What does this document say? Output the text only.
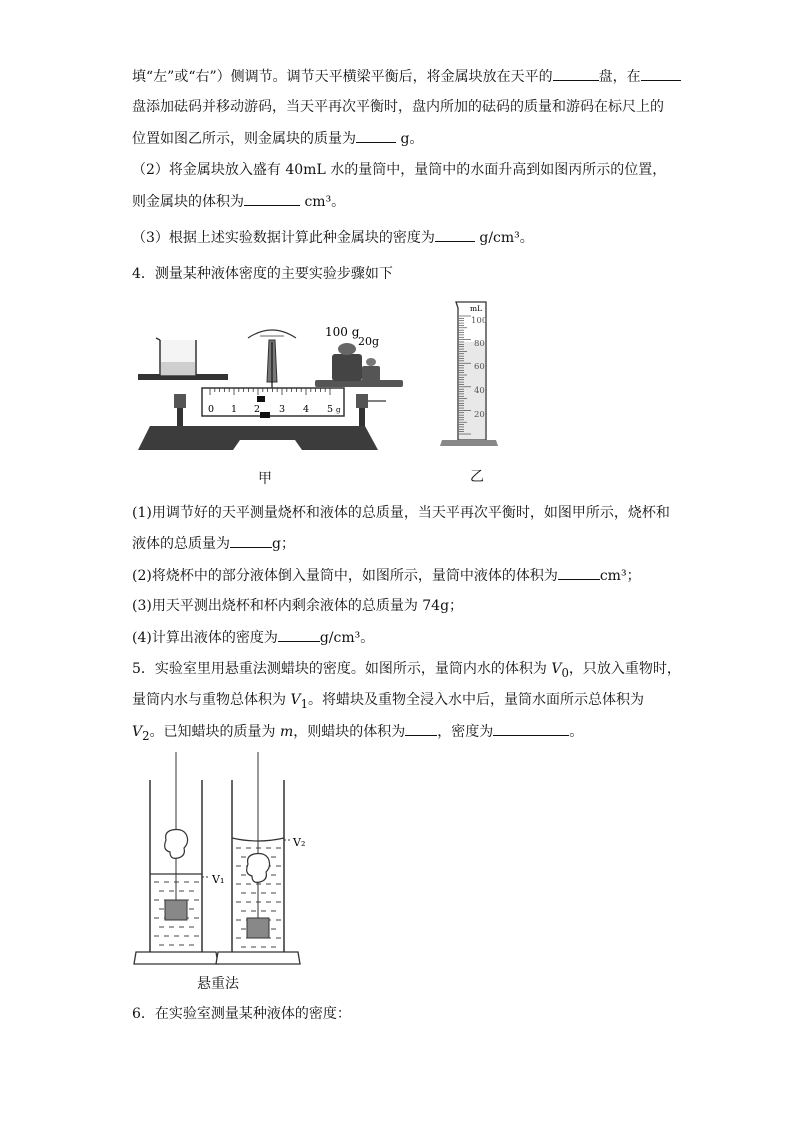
填“左”或“右”）侧调节。调节天平横梁平衡后，将金属块放在天平的	盘，在
盘添加砝码并移动游码，当天平再次平衡时，盘内所加的砝码的质量和游码在标尺上的
位置如图乙所示，则金属块的质量为	g。
（2）将金属块放入盛有 40mL 水的量筒中，量筒中的水面升高到如图丙所示的位置，
则金属块的体积为	cm³。
（3）根据上述实验数据计算此种金属块的密度为	g/cm³。
4．测量某种液体密度的主要实验步骤如下
100 g
20g
0 1 2 3 4 5 g
甲
mL
100
80
60
40
20
乙
(1)用调节好的天平测量烧杯和液体的总质量，当天平再次平衡时，如图甲所示，烧杯和
液体的总质量为	g；
(2)将烧杯中的部分液体倒入量筒中，如图所示，量筒中液体的体积为	cm³；
(3)用天平测出烧杯和杯内剩余液体的总质量为 74g；
(4)计算出液体的密度为	g/cm³。
5．实验室里用悬重法测蜡块的密度。如图所示，量筒内水的体积为 $V_0$，只放入重物时，
量筒内水与重物总体积为 $V_1$。将蜡块及重物全浸入水中后，量筒水面所示总体积为
$V_2$。已知蜡块的质量为 m，则蜡块的体积为 ，密度为	。
V₁
V₂
悬重法
6．在实验室测量某种液体的密度：
